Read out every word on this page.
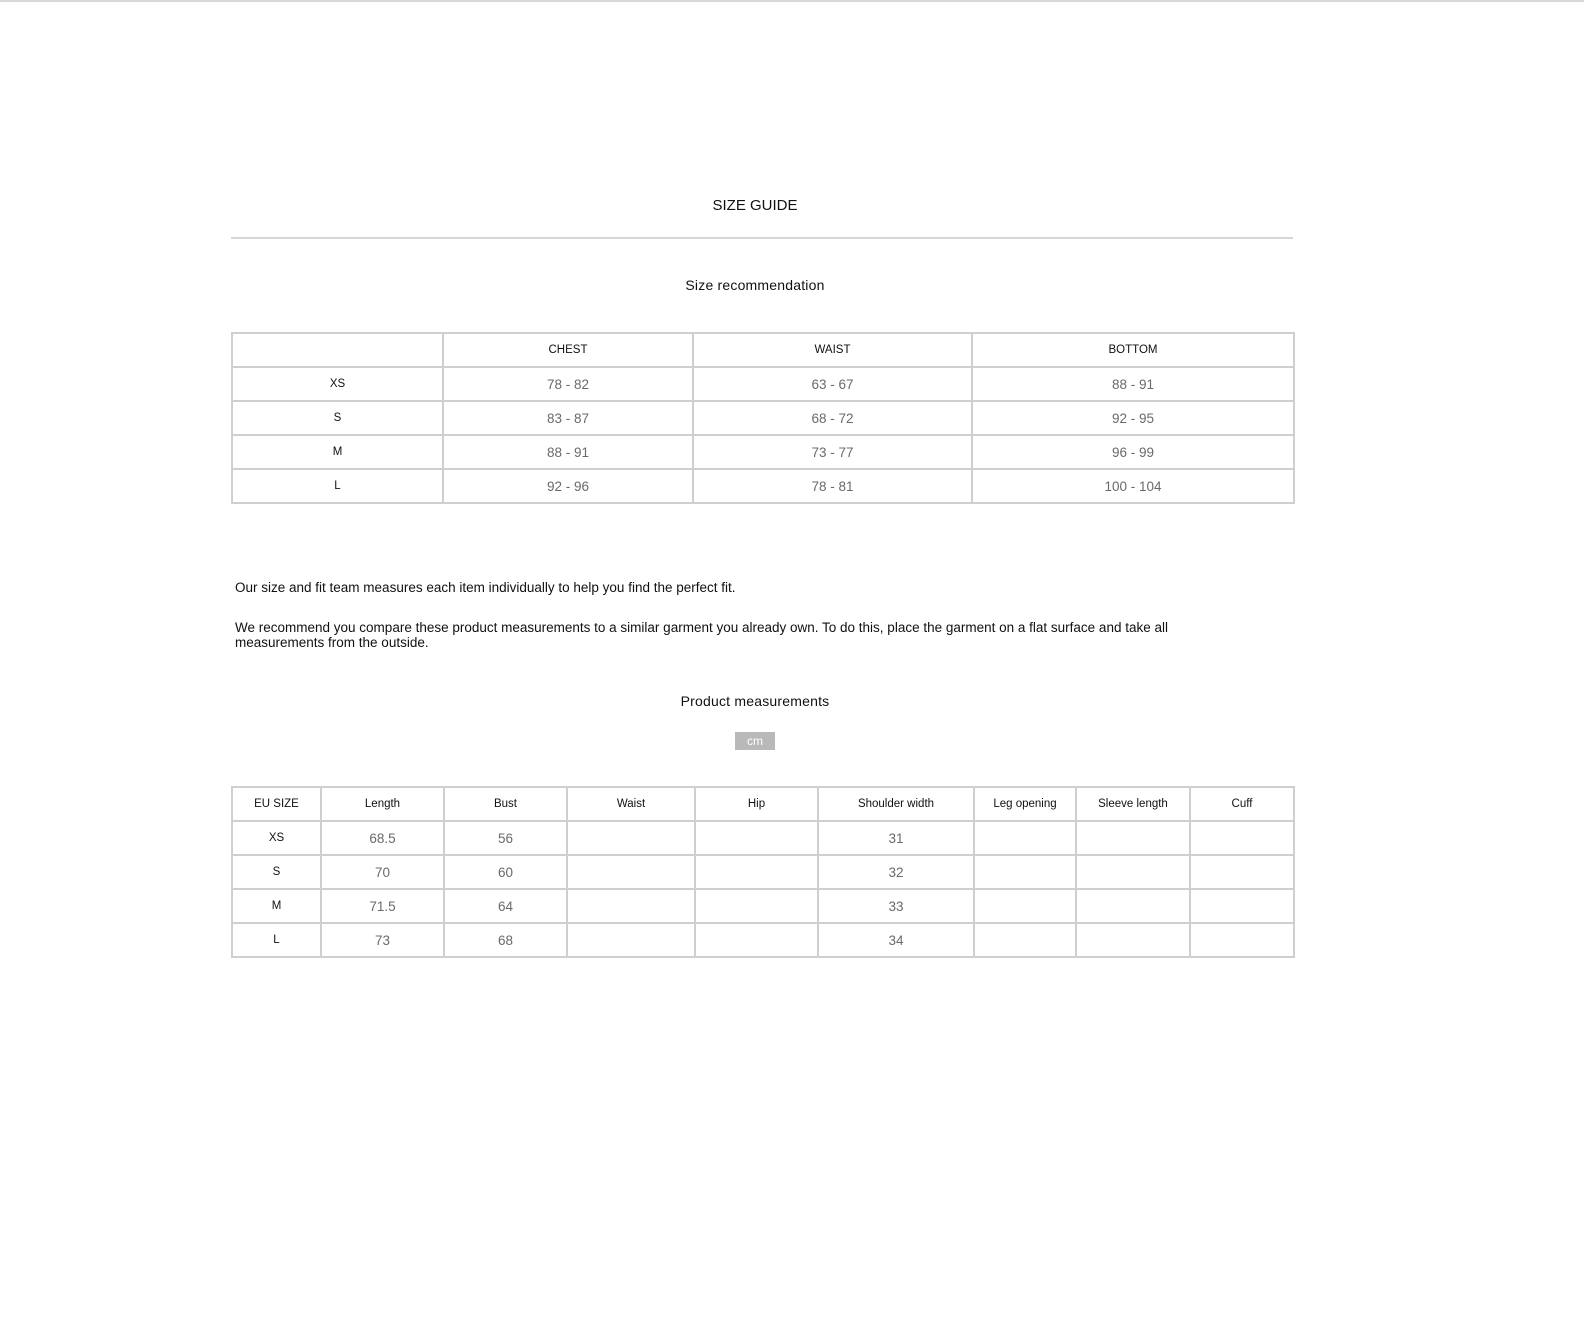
SIZE GUIDE
Size recommendation
	CHEST	WAIST	BOTTOM
XS	78 - 82	63 - 67	88 - 91
S	83 - 87	68 - 72	92 - 95
M	88 - 91	73 - 77	96 - 99
L	92 - 96	78 - 81	100 - 104

Our size and fit team measures each item individually to help you find the perfect fit.

We recommend you compare these product measurements to a similar garment you already own. To do this, place the garment on a flat surface and take all measurements from the outside.

Product measurements
cm
EU SIZE	Length	Bust	Waist	Hip	Shoulder width	Leg opening	Sleeve length	Cuff
XS	68.5	56			31			
S	70	60			32			
M	71.5	64			33			
L	73	68			34			
